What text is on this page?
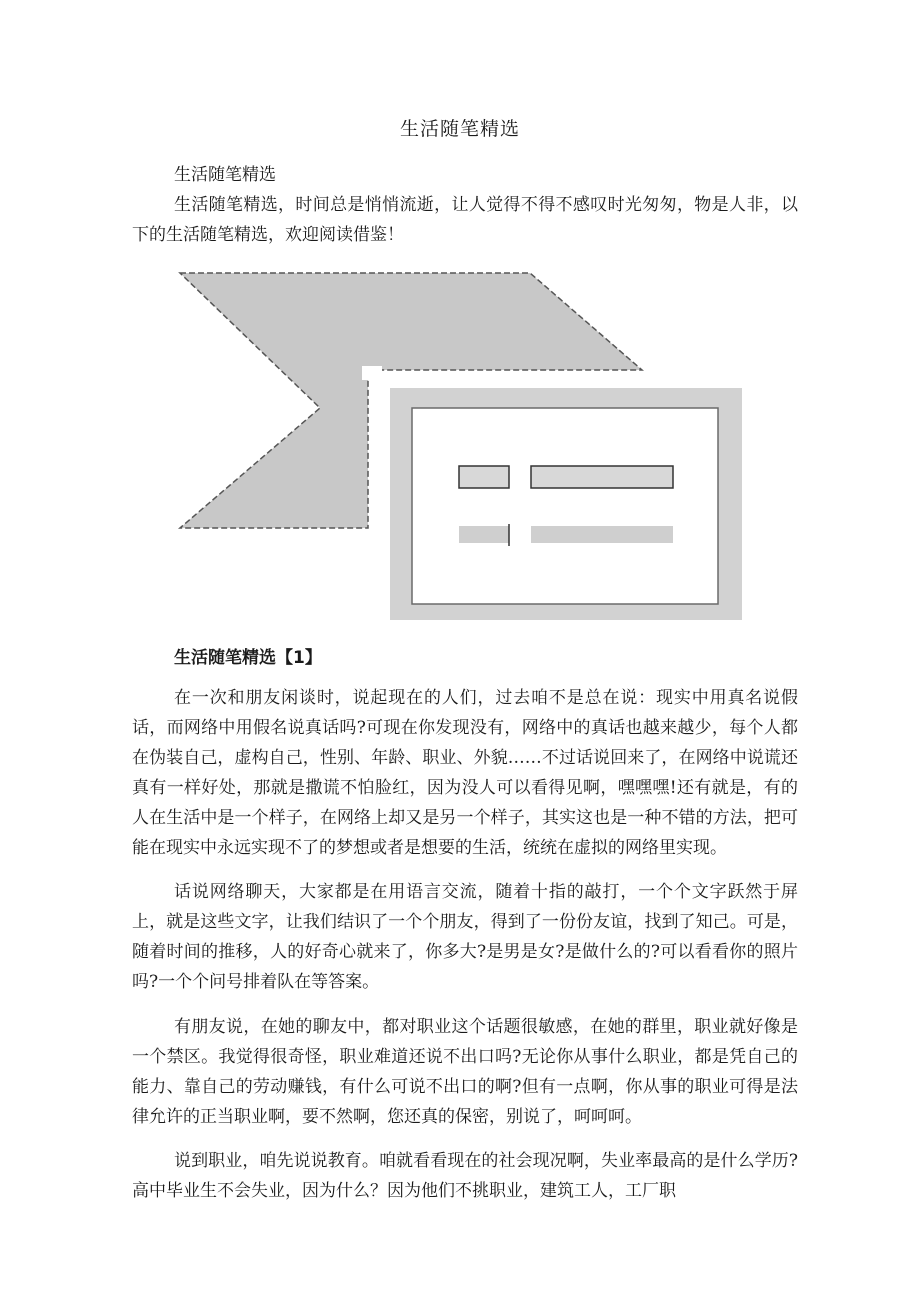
生活随笔精选
生活随笔精选

生活随笔精选，时间总是悄悄流逝，让人觉得不得不感叹时光匆匆，物是人非，以下的生活随笔精选，欢迎阅读借鉴！

生活随笔精选【1】

在一次和朋友闲谈时，说起现在的人们，过去咱不是总在说：现实中用真名说假话，而网络中用假名说真话吗?可现在你发现没有，网络中的真话也越来越少，每个人都在伪装自己，虚构自己，性别、年龄、职业、外貌……不过话说回来了，在网络中说谎还真有一样好处，那就是撒谎不怕脸红，因为没人可以看得见啊，嘿嘿嘿!还有就是，有的人在生活中是一个样子，在网络上却又是另一个样子，其实这也是一种不错的方法，把可能在现实中永远实现不了的梦想或者是想要的生活，统统在虚拟的网络里实现。

话说网络聊天，大家都是在用语言交流，随着十指的敲打，一个个文字跃然于屏上，就是这些文字，让我们结识了一个个朋友，得到了一份份友谊，找到了知己。可是，随着时间的推移，人的好奇心就来了，你多大?是男是女?是做什么的?可以看看你的照片吗?一个个问号排着队在等答案。

有朋友说，在她的聊友中，都对职业这个话题很敏感，在她的群里，职业就好像是一个禁区。我觉得很奇怪，职业难道还说不出口吗?无论你从事什么职业，都是凭自己的能力、靠自己的劳动赚钱，有什么可说不出口的啊?但有一点啊，你从事的职业可得是法律允许的正当职业啊，要不然啊，您还真的保密，别说了，呵呵呵。

说到职业，咱先说说教育。咱就看看现在的社会现况啊，失业率最高的是什么学历?高中毕业生不会失业，因为什么？因为他们不挑职业，建筑工人，工厂职
